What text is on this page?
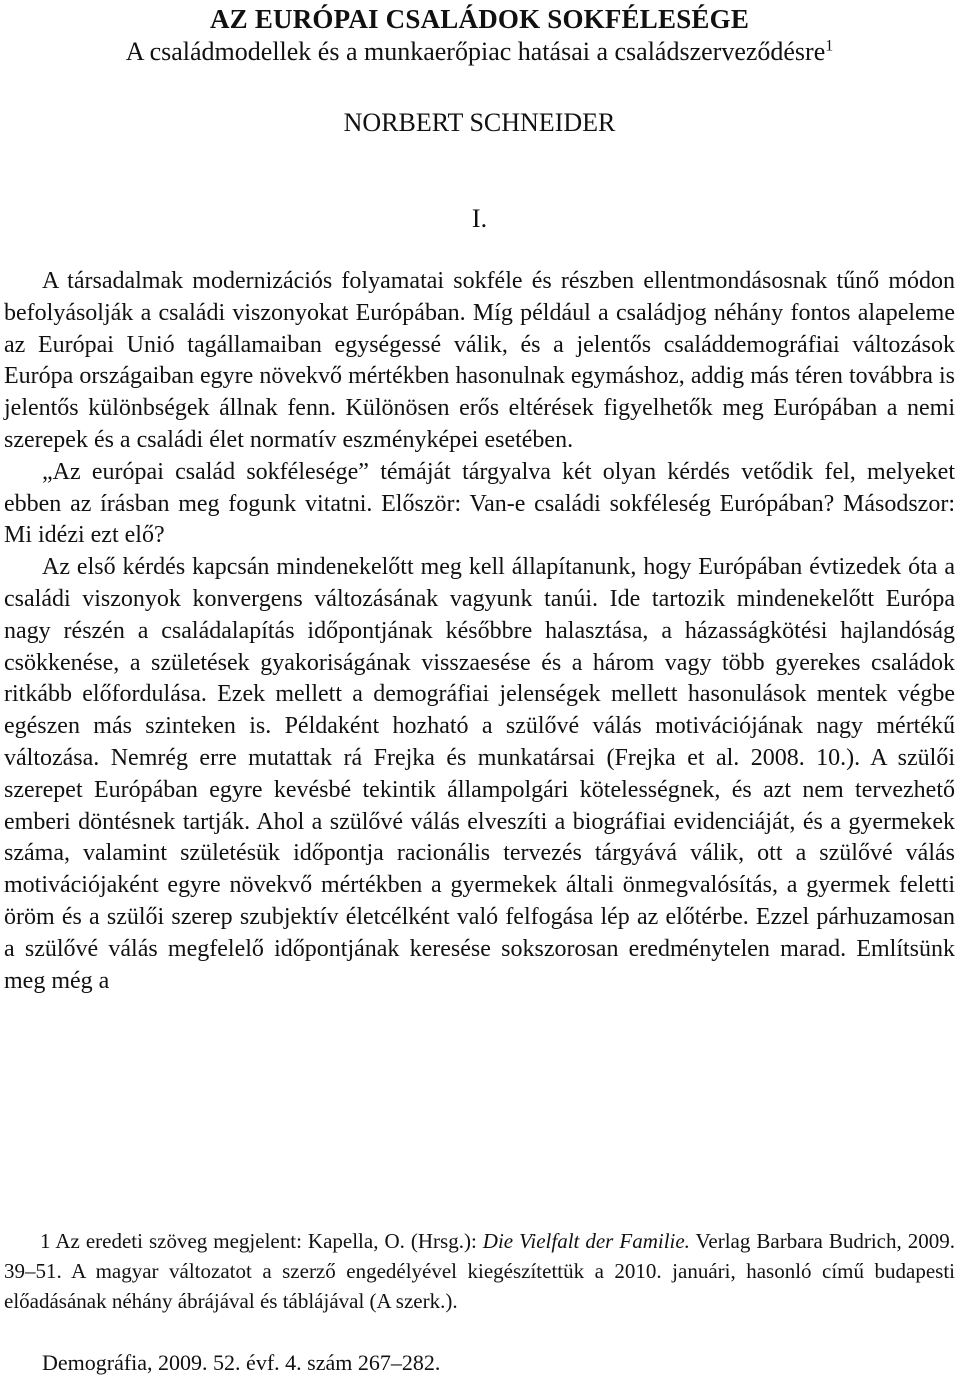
AZ EURÓPAI CSALÁDOK SOKFÉLESÉGE
A családmodellek és a munkaerőpiac hatásai a családszerveződésre$^1$
NORBERT SCHNEIDER
I.

A társadalmak modernizációs folyamatai sokféle és részben ellentmondásosnak tűnő módon befolyásolják a családi viszonyokat Európában. Míg például a családjog néhány fontos alapeleme az Európai Unió tagállamaiban egységessé válik, és a jelentős családdemográfiai változások Európa országaiban egyre növekvő mértékben hasonulnak egymáshoz, addig más téren továbbra is jelentős különbségek állnak fenn. Különösen erős eltérések figyelhetők meg Európában a nemi szerepek és a családi élet normatív eszményképei esetében.

„Az európai család sokfélesége” témáját tárgyalva két olyan kérdés vetődik fel, melyeket ebben az írásban meg fogunk vitatni. Először: Van-e családi sokféleség Európában? Másodszor: Mi idézi ezt elő?

Az első kérdés kapcsán mindenekelőtt meg kell állapítanunk, hogy Európában évtizedek óta a családi viszonyok konvergens változásának vagyunk tanúi. Ide tartozik mindenekelőtt Európa nagy részén a családalapítás időpontjának későbbre halasztása, a házasságkötési hajlandóság csökkenése, a születések gyakoriságának visszaesése és a három vagy több gyerekes családok ritkább előfordulása. Ezek mellett a demográfiai jelenségek mellett hasonulások mentek végbe egészen más szinteken is. Példaként hozható a szülővé válás motivációjának nagy mértékű változása. Nemrég erre mutattak rá Frejka és munkatársai (Frejka et al. 2008. 10.). A szülői szerepet Európában egyre kevésbé tekintik állampolgári kötelességnek, és azt nem tervezhető emberi döntésnek tartják. Ahol a szülővé válás elveszíti a biográfiai evidenciáját, és a gyermekek száma, valamint születésük időpontja racionális tervezés tárgyává válik, ott a szülővé válás motivációjaként egyre növekvő mértékben a gyermekek általi önmegvalósítás, a gyermek feletti öröm és a szülői szerep szubjektív életcélként való felfogása lép az előtérbe. Ezzel párhuzamosan a szülővé válás megfelelő időpontjának keresése sokszorosan eredménytelen marad. Említsünk meg még a

1 Az eredeti szöveg megjelent: Kapella, O. (Hrsg.): Die Vielfalt der Familie. Verlag Barbara Budrich, 2009. 39–51. A magyar változatot a szerző engedélyével kiegészítettük a 2010. januári, hasonló című budapesti előadásának néhány ábrájával és táblájával (A szerk.).

Demográfia, 2009. 52. évf. 4. szám 267–282.
